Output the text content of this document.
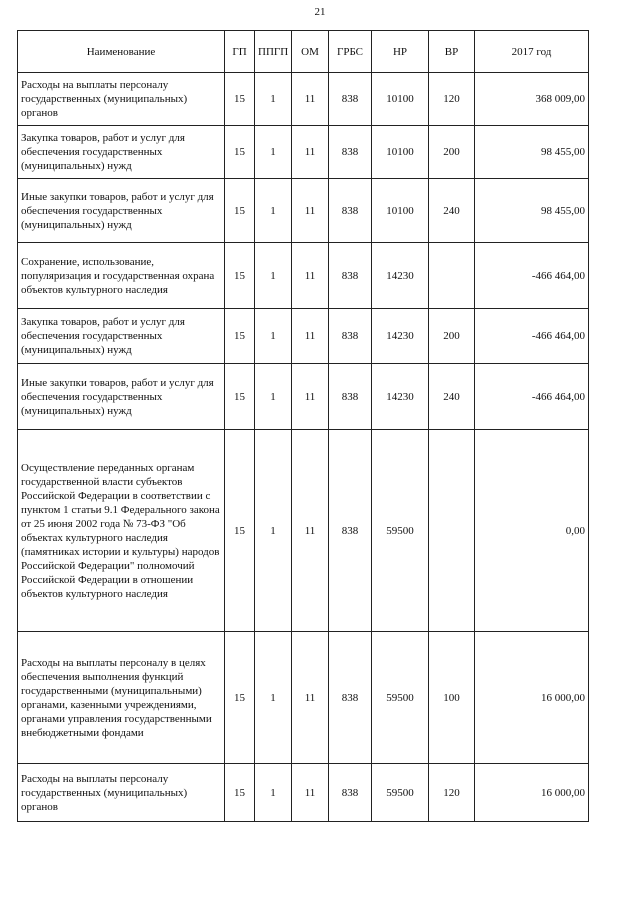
21
Наименование	ГП	ППГП	ОМ	ГРБС	НР	ВР	2017 год
Расходы на выплаты персоналу государственных (муниципальных) органов	15	1	11	838	10100	120	368 009,00
Закупка товаров, работ и услуг для обеспечения государственных (муниципальных) нужд	15	1	11	838	10100	200	98 455,00
Иные закупки товаров, работ и услуг для обеспечения государственных (муниципальных) нужд	15	1	11	838	10100	240	98 455,00
Сохранение, использование, популяризация и государственная охрана объектов культурного наследия	15	1	11	838	14230		-466 464,00
Закупка товаров, работ и услуг для обеспечения государственных (муниципальных) нужд	15	1	11	838	14230	200	-466 464,00
Иные закупки товаров, работ и услуг для обеспечения государственных (муниципальных) нужд	15	1	11	838	14230	240	-466 464,00
Осуществление переданных органам государственной власти субъектов Российской Федерации в соответствии с пунктом 1 статьи 9.1 Федерального закона от 25 июня 2002 года № 73-ФЗ "Об объектах культурного наследия (памятниках истории и культуры) народов Российской Федерации" полномочий Российской Федерации в отношении объектов культурного наследия	15	1	11	838	59500		0,00
Расходы на выплаты персоналу в целях обеспечения выполнения функций государственными (муниципальными) органами, казенными учреждениями, органами управления государственными внебюджетными фондами	15	1	11	838	59500	100	16 000,00
Расходы на выплаты персоналу государственных (муниципальных) органов	15	1	11	838	59500	120	16 000,00
